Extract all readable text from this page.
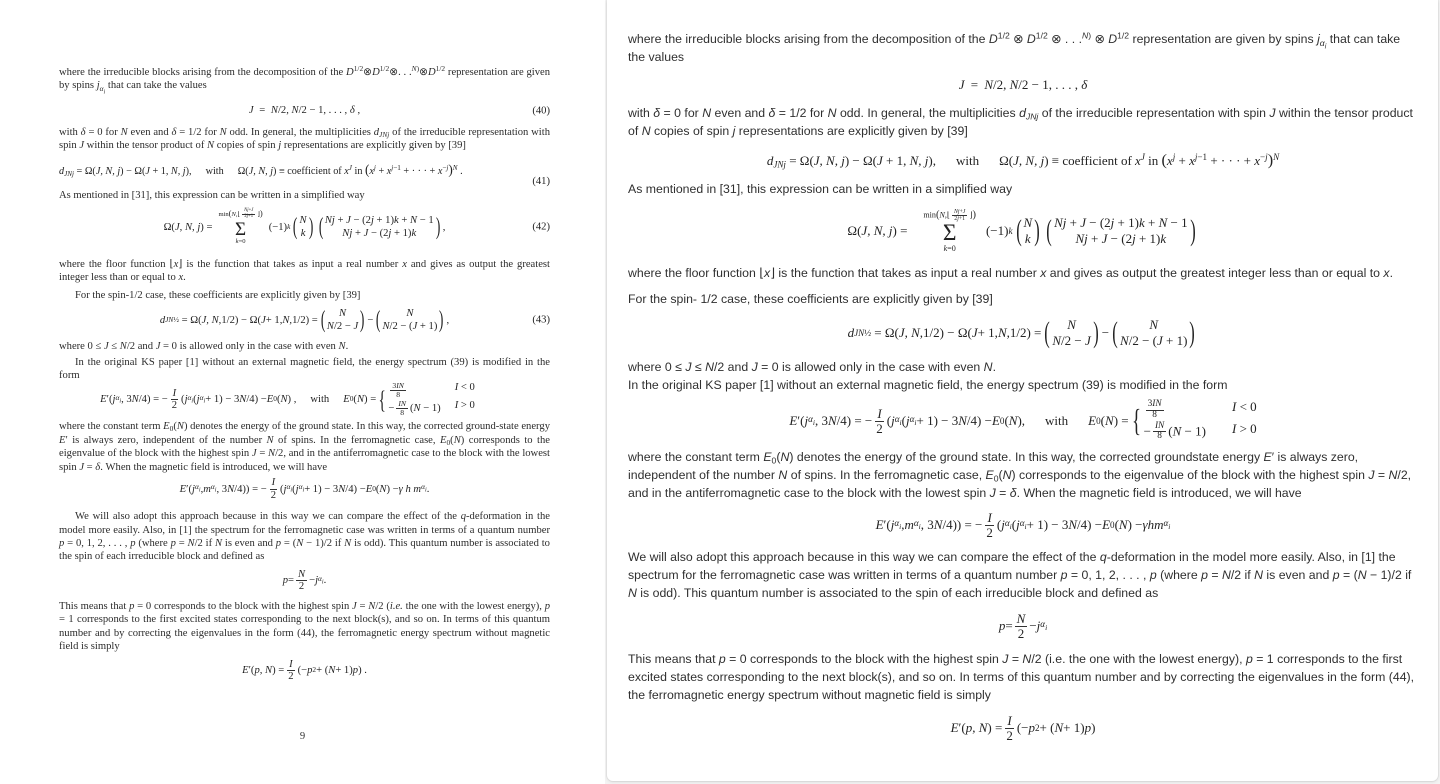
where the irreducible blocks arising from the decomposition of the $D^{1/2}\otimes D^{1/2}\otimes$. . $.^{N)}\otimes D^{1/2}$ representation are given by spins $j_{\alpha_i}$ that can take the values

J = N/2, N/2 − 1, . . . , δ ,	(40)

with δ = 0 for N even and δ = 1/2 for N odd. In general, the multiplicities $d_{JNj}$ of the irreducible representation with spin J within the tensor product of N copies of spin j representations are explicitly given by [39]

$d_{JNj} = \Omega(J$, N, j) − Ω(J + 1, N, j), with Ω(J, N, j) ≡ coefficient of $x^J$ in ($x^j + x^{j-1}$ + · · · + $x^{-j})^N$ .
(41)

As mentioned in [31], this expression can be written in a simplified way

Ω( J, N, j ) =
min(N,⌊ $\frac{Nj+J}{2j+1}$ ⌋)
Σ
k=0
(−1) k ( N
k ) ( Nj + J − (2j + 1)k + N − 1
Nj + J − (2j + 1)k ) ,	(42)

where the floor function ⌊x⌋ is the function that takes as input a real number x and gives as output the greatest integer less than or equal to x.

For the spin-1/2 case, these coefficients are explicitly given by [39]

d JN½ = Ω( J, N, 1/2) − Ω( J + 1, N, 1/2) = ( N
N/2 − J ) − ( N
N/2 − (J + 1) ) ,	(43)

where 0 ≤ J ≤ N/2 and J = 0 is allowed only in the case with even N.

In the original KS paper [1] without an external magnetic field, the energy spectrum (39) is modified in the form

E ′( j $\alpha_i$ , 3 N /4) = − $\frac{I}{2}$ ( j $\alpha_i$ ( j $\alpha_i + 1) - 3$ N /4) − E 0 ( N ) , with E 0 ( N ) = { $\frac{3IN}{8}$	I < 0
− $\frac{IN}{8} (N - 1) I > 0$

where the constant term $E_0(N)$ denotes the energy of the ground state. In this way, the corrected ground-state energy E′ is always zero, independent of the number N of spins. In the ferromagnetic case, $E_0(N)$ corresponds to the eigenvalue of the block with the highest spin J = N/2, and in the antiferromagnetic case to the block with the lowest spin J = δ. When the magnetic field is introduced, we will have

E ′( j $\alpha_i$ , m $\alpha_i$ , 3 N /4)) = − $\frac{I}{2}$ ( j $\alpha_i$ ( j $\alpha_i + 1) - 3$ N /4) − E 0 ( N ) − γ h m $\alpha_i$ .

We will also adopt this approach because in this way we can compare the effect of the q-deformation in the model more easily. Also, in [1] the spectrum for the ferromagnetic case was written in terms of a quantum number p = 0, 1, 2, . . . , p (where p = N/2 if N is even and p = (N − 1)/2 if N is odd). This quantum number is associated to the spin of each irreducible block and defined as

$p = \frac{N}{2} - j$ $\alpha_i$ .

This means that p = 0 corresponds to the block with the highest spin J = N/2 (i.e. the one with the lowest energy), p = 1 corresponds to the first excited states corresponding to the next block(s), and so on. In terms of this quantum number and by correcting the eigenvalues in the form (44), the ferromagnetic energy spectrum without magnetic field is simply

E ′( p, N ) = $\frac{I}{2}$ (− p 2 + ( N + 1) p ) .
9

where the irreducible blocks arising from the decomposition of the $D^{1/2}$ ⊗ $D^{1/2}$ ⊗ . . .$^{N)}$ ⊗ $D^{1/2}$ representation are given by spins $j_{\alpha_i}$ that can take the values

J = N/2, N/2 − 1, . . . , δ

with δ = 0 for N even and δ = 1/2 for N odd. In general, the multiplicities $d_{JNj}$ of the irreducible representation with spin J within the tensor product of N copies of spin j representations are explicitly given by [39]

$d_{JNj} = \Omega(J$, N, j) − Ω(J + 1, N, j), with Ω(J, N, j) ≡ coefficient of $x^J$ in ($x^j + x^{j-1}$ + · · · + $x^{-j})^N$

As mentioned in [31], this expression can be written in a simplified way

Ω( J, N, j ) =
min(N,⌊ $\frac{Nj+J}{2j+1}$ ⌋)
Σ
k=0
(−1) k ( N
k ) ( Nj + J − (2j + 1)k + N − 1
Nj + J − (2j + 1)k )

where the floor function ⌊x⌋ is the function that takes as input a real number x and gives as output the greatest integer less than or equal to x.

For the spin- 1/2 case, these coefficients are explicitly given by [39]

d JN½ = Ω( J, N, 1/2) − Ω( J + 1, N, 1/2) = ( N
N/2 − J ) − ( N
N/2 − (J + 1) )

where 0 ≤ J ≤ N/2 and J = 0 is allowed only in the case with even N.
In the original KS paper [1] without an external magnetic field, the energy spectrum (39) is modified in the form

E ′( j $\alpha_i$ , 3 N /4) = − $\frac{I}{2}$ ( j $\alpha_i$ ( j $\alpha_i + 1) - 3$ N /4) − E 0 ( N ), with E 0 ( N ) = { $\frac{3IN}{8}$	I < 0
− $\frac{IN}{8} (N - 1) I > 0$

where the constant term $E_0(N)$ denotes the energy of the ground state. In this way, the corrected groundstate energy E′ is always zero, independent of the number N of spins. In the ferromagnetic case, $E_0(N)$ corresponds to the eigenvalue of the block with the highest spin J = N/2, and in the antiferromagnetic case to the block with the lowest spin J = δ. When the magnetic field is introduced, we will have

E ′( j $\alpha_i$ , m $\alpha_i$ , 3 N /4)) = − $\frac{I}{2}$ ( j $\alpha_i$ ( j $\alpha_i + 1) - 3$ N /4) − E 0 ( N ) − γhm $\alpha_i$

We will also adopt this approach because in this way we can compare the effect of the q-deformation in the model more easily. Also, in [1] the spectrum for the ferromagnetic case was written in terms of a quantum number p = 0, 1, 2, . . . , p (where p = N/2 if N is even and p = (N − 1)/2 if N is odd). This quantum number is associated to the spin of each irreducible block and defined as

$p = \frac{N}{2} - j$ $\alpha_i$

This means that p = 0 corresponds to the block with the highest spin J = N/2 (i.e. the one with the lowest energy), p = 1 corresponds to the first excited states corresponding to the next block(s), and so on. In terms of this quantum number and by correcting the eigenvalues in the form (44), the ferromagnetic energy spectrum without magnetic field is simply

E ′( p, N ) = $\frac{I}{2}$ (− p 2 + ( N + 1) p )
